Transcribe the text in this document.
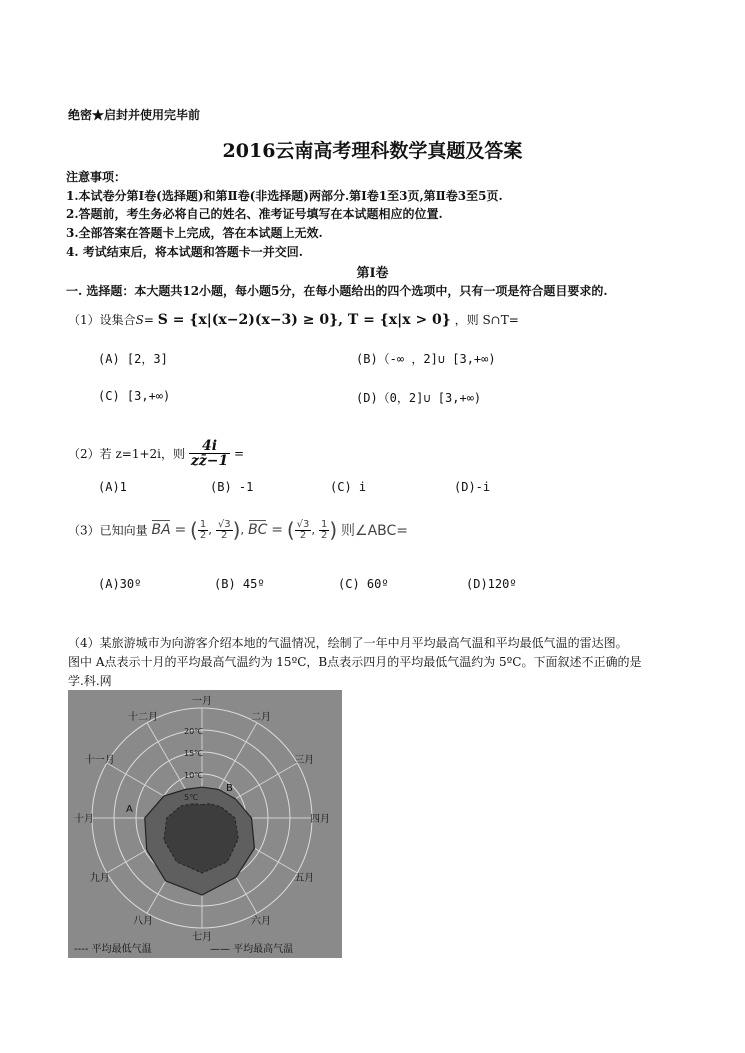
绝密★启封并使用完毕前
2016云南高考理科数学真题及答案
注意事项：
1.本试卷分第Ⅰ卷(选择题)和第Ⅱ卷(非选择题)两部分.第Ⅰ卷1至3页,第Ⅱ卷3至5页.
2.答题前，考生务必将自己的姓名、准考证号填写在本试题相应的位置.
3.全部答案在答题卡上完成，答在本试题上无效.
4. 考试结束后，将本试题和答题卡一并交回.
第Ⅰ卷
一. 选择题：本大题共12小题，每小题5分，在每小题给出的四个选项中，只有一项是符合题目要求的.
（1）设集合S= S = {x|(x−2)(x−3) ≥ 0}, T = {x|x > 0} ，则 S∩T=
(A) [2，3]	(B)（-∞ ，2]∪ [3,+∞)
(C) [3,+∞)	(D)（0，2]∪ [3,+∞)
（2）若 z=1+2i，则 $\frac{4i}{zz̄-1}$ =
(A)1	(B) -1	(C) i	(D)-i
（3）已知向量 BA = ( $\frac{1}{2}$ , $\frac{√3}{2}$ ), BC = ( $\frac{√3}{2}$ , $\frac{1}{2}$ ) 则∠ABC=
(A)30º	(B) 45º	(C) 60º	(D)120º
（4）某旅游城市为向游客介绍本地的气温情况，绘制了一年中月平均最高气温和平均最低气温的雷达图。
图中 A点表示十月的平均最高气温约为 15ºC，B点表示四月的平均最低气温约为 5ºC。下面叙述不正确的是
学.科.网
20℃
15℃
10℃
5℃
一月
二月
三月
四月
五月
六月
七月
八月
九月
十月
十一月
十二月
A
B
---- 平均最低气温	—— 平均最高气温
